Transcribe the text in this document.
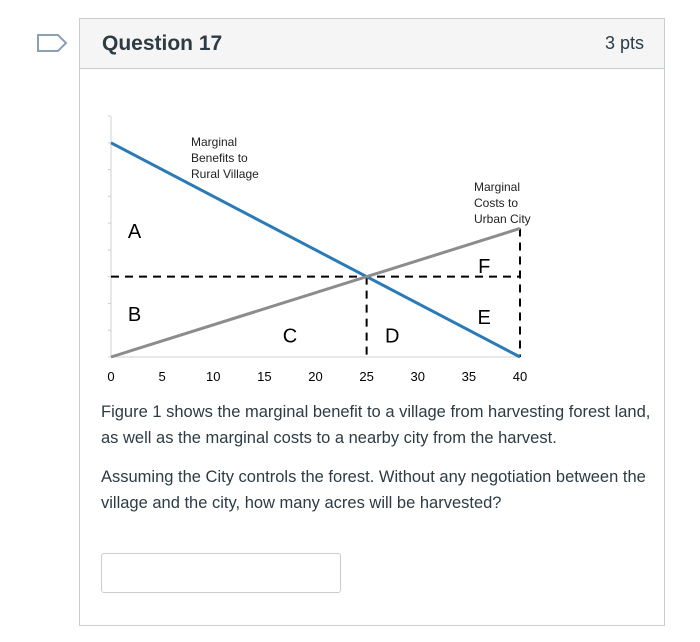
Question 17	3 pts
0	5	10	15	20	25	30	35	40
Marginal
Benefits to
Rural Village
Marginal
Costs to
Urban City
A
B
C	D
E
F

Figure 1 shows the marginal benefit to a village from harvesting forest land, as well as the marginal costs to a nearby city from the harvest.

Assuming the City controls the forest. Without any negotiation between the village and the city, how many acres will be harvested?
